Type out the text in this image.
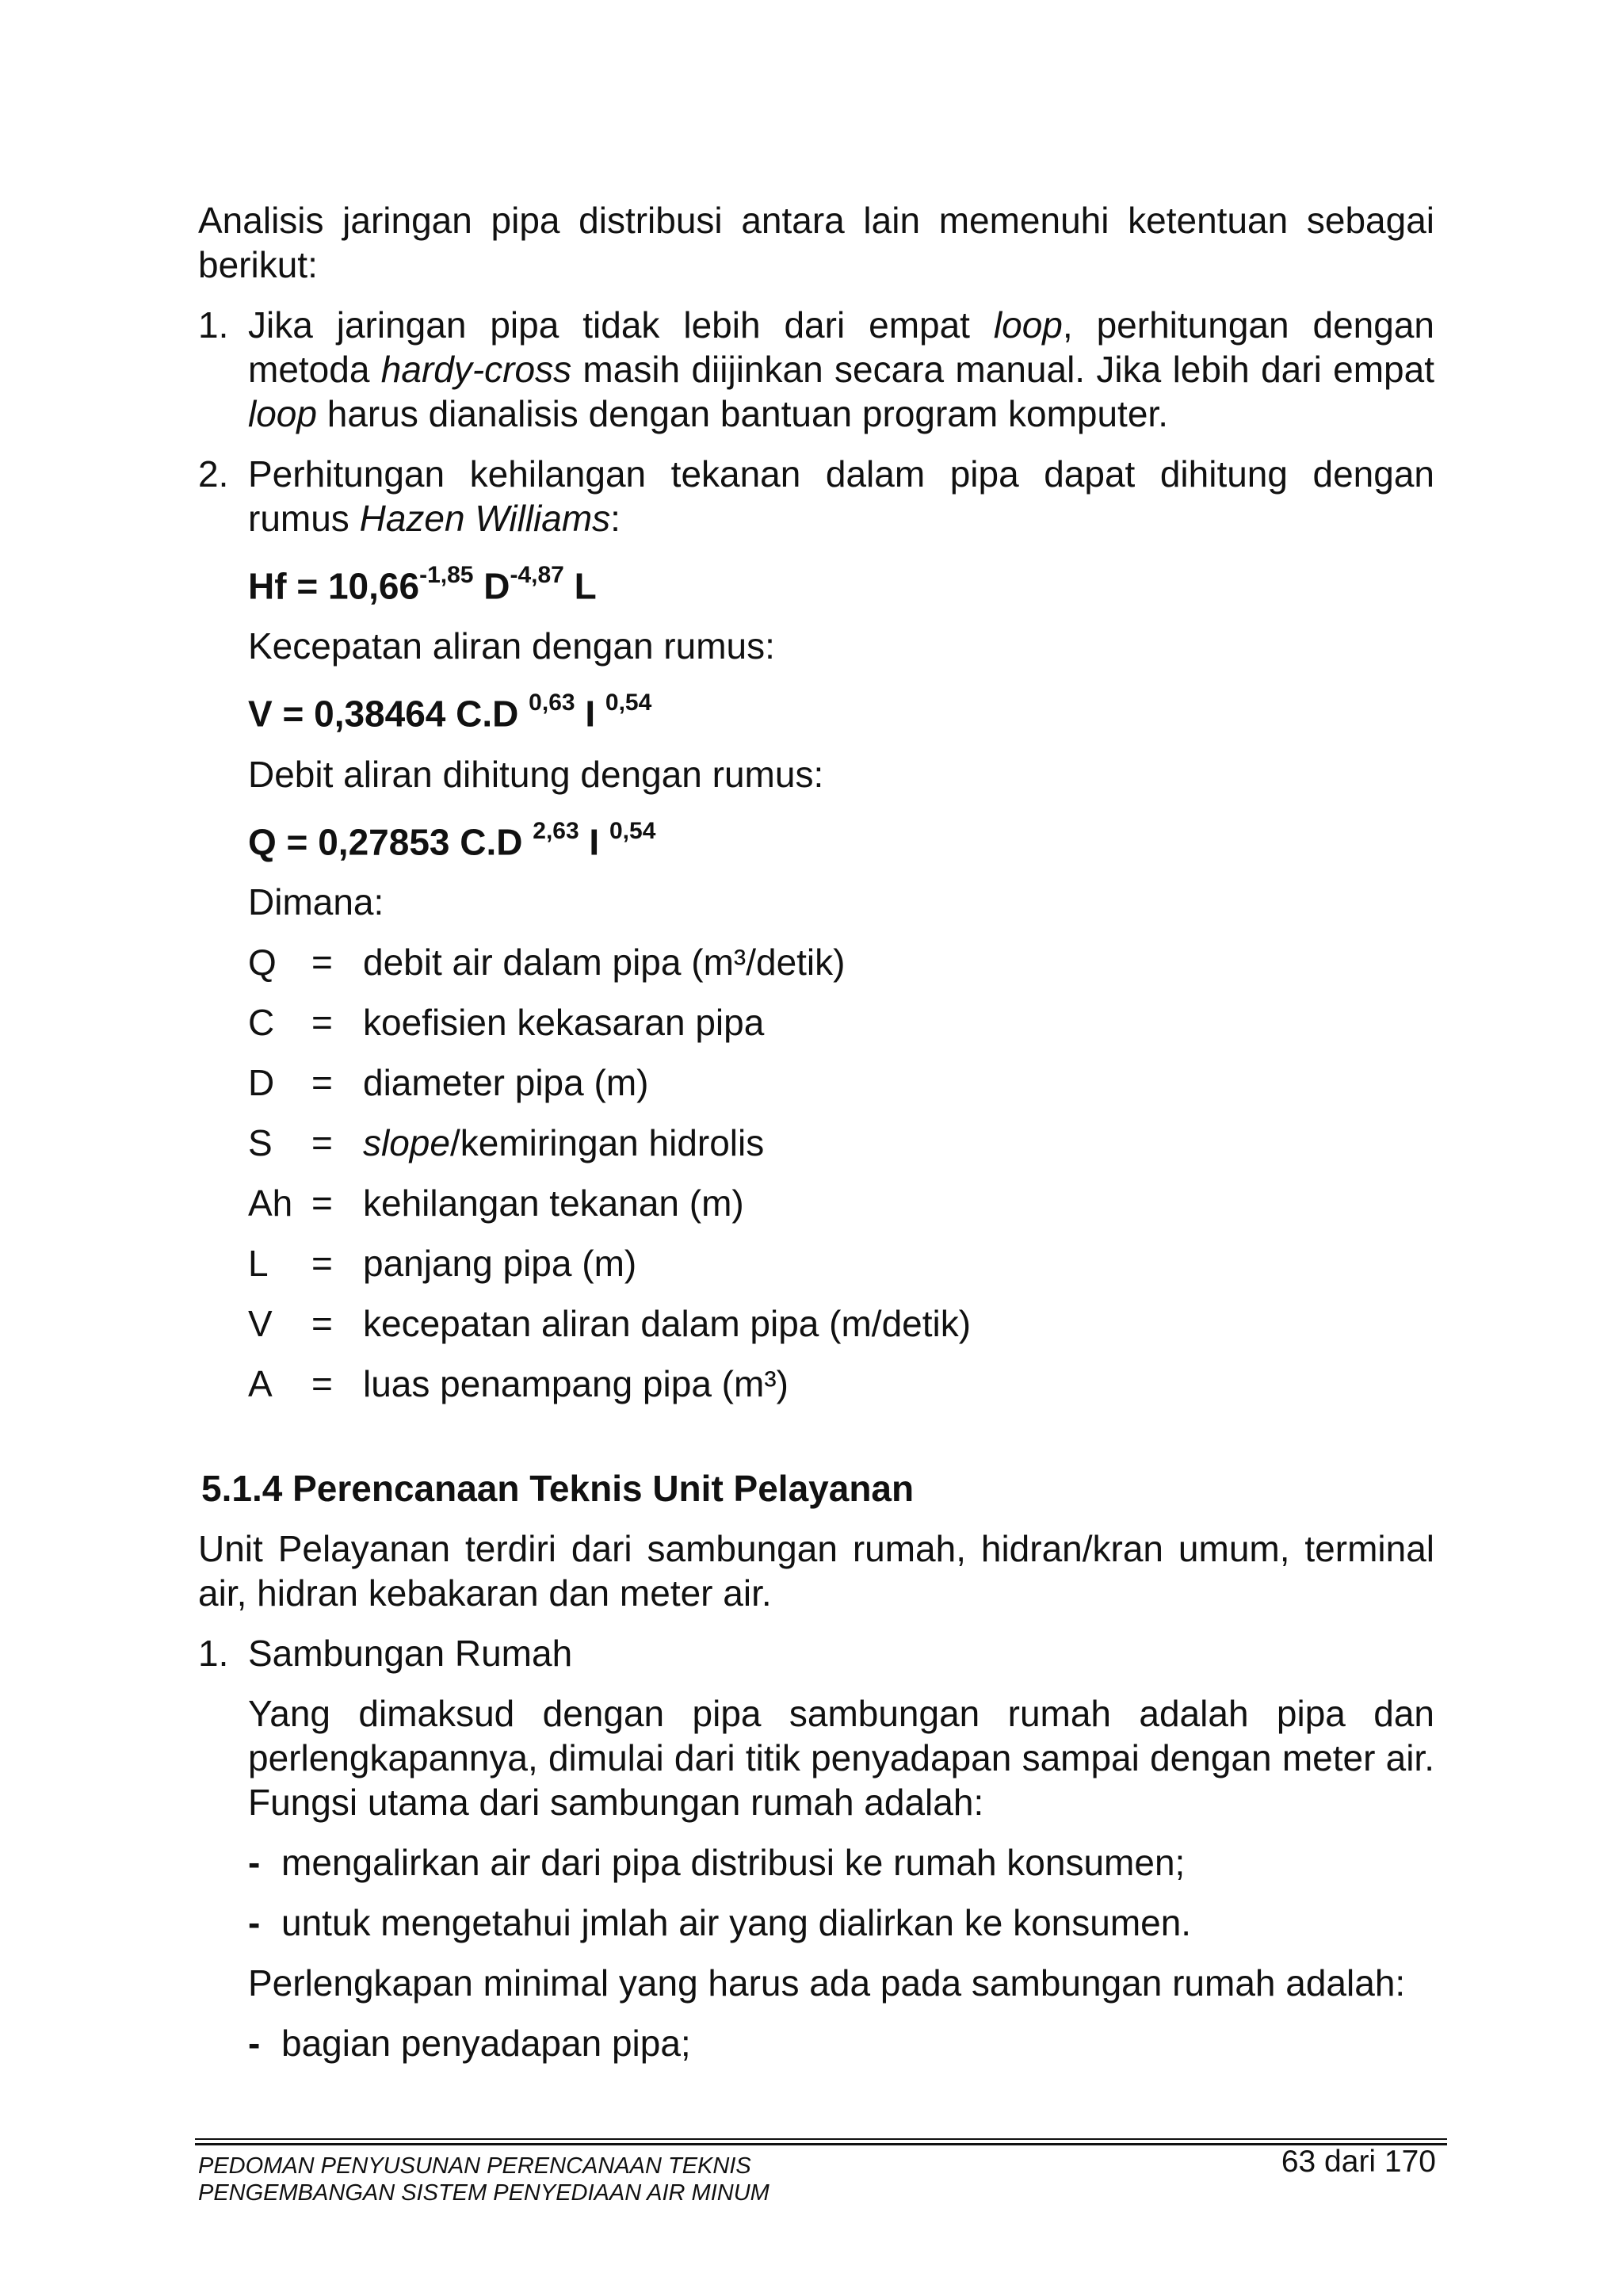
Analisis jaringan pipa distribusi antara lain memenuhi ketentuan sebagai berikut:

1. Jika jaringan pipa tidak lebih dari empat loop, perhitungan dengan metoda hardy-cross masih diijinkan secara manual. Jika lebih dari empat loop harus dianalisis dengan bantuan program komputer.

2. Perhitungan kehilangan tekanan dalam pipa dapat dihitung dengan rumus Hazen Williams:

$Hf = 10,66^{-1,85}$ $D^{-4,87}$ L

Kecepatan aliran dengan rumus:

V = 0,38464 C.D $^{0,63}$ I $^{0,54}$

Debit aliran dihitung dengan rumus:

Q = 0,27853 C.D $^{2,63}$ I $^{0,54}$

Dimana:

Q = debit air dalam pipa (m³/detik)
C	= koefisien kekasaran pipa
D	= diameter pipa (m)
S	= slope/kemiringan hidrolis
Ah = kehilangan tekanan (m)
L	= panjang pipa (m)
V	= kecepatan aliran dalam pipa (m/detik)
A	= luas penampang pipa (m³)
5.1.4 Perencanaan Teknis Unit Pelayanan

Unit Pelayanan terdiri dari sambungan rumah, hidran/kran umum, terminal air, hidran kebakaran dan meter air.

1. Sambungan Rumah

Yang dimaksud dengan pipa sambungan rumah adalah pipa dan perlengkapannya, dimulai dari titik penyadapan sampai dengan meter air. Fungsi utama dari sambungan rumah adalah:

- mengalirkan air dari pipa distribusi ke rumah konsumen;
- untuk mengetahui jmlah air yang dialirkan ke konsumen.

Perlengkapan minimal yang harus ada pada sambungan rumah adalah:

- bagian penyadapan pipa;
PEDOMAN PENYUSUNAN PERENCANAAN TEKNIS
PENGEMBANGAN SISTEM PENYEDIAAN AIR MINUM
63 dari 170
